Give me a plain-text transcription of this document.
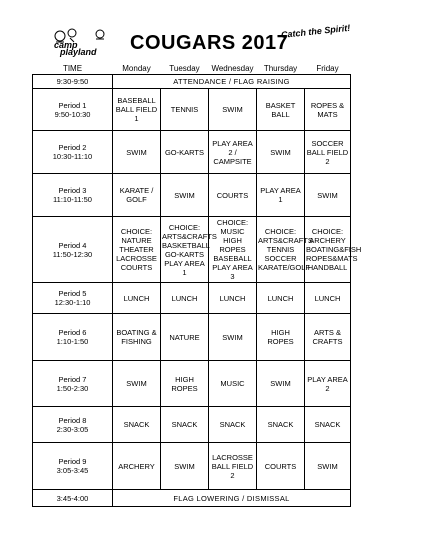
camp
playland COUGARS 2017
Catch the Spirit!
TIME	Monday	Tuesday	Wednesday	Thursday	Friday
9:30-9:50	ATTENDANCE / FLAG RAISING				

Period 1
9:50-10:30	BASEBALL
BALL FIELD
1	TENNIS	SWIM	BASKET
BALL	ROPES &
MATS

Period 2
10:30-11:10	SWIM	GO-KARTS	PLAY AREA
2 /
CAMPSITE	SWIM	SOCCER
BALL FIELD
2

Period 3
11:10-11:50	KARATE /
GOLF	SWIM	COURTS	PLAY AREA
1	SWIM

Period 4
11:50-12:30	CHOICE:
NATURE
THEATER
LACROSSE
COURTS	CHOICE:
ARTS&CRAFTS
BASKETBALL
GO-KARTS
PLAY AREA 1	CHOICE:
MUSIC
HIGH ROPES
BASEBALL
PLAY AREA 3	CHOICE:
ARTS&CRAFTS
TENNIS
SOCCER
KARATE/GOLF	CHOICE:
ARCHERY
BOATING&FISH
ROPES&MATS
HANDBALL

Period 5
12:30-1:10	LUNCH	LUNCH	LUNCH	LUNCH	LUNCH

Period 6
1:10-1:50	BOATING &
FISHING	NATURE	SWIM	HIGH
ROPES	ARTS &
CRAFTS

Period 7
1:50-2:30	SWIM	HIGH
ROPES	MUSIC	SWIM	PLAY AREA
2

Period 8
2:30-3:05	SNACK	SNACK	SNACK	SNACK	SNACK

Period 9
3:05-3:45	ARCHERY	SWIM	LACROSSE
BALL FIELD
2	COURTS	SWIM
3:45-4:00	FLAG LOWERING / DISMISSAL				
